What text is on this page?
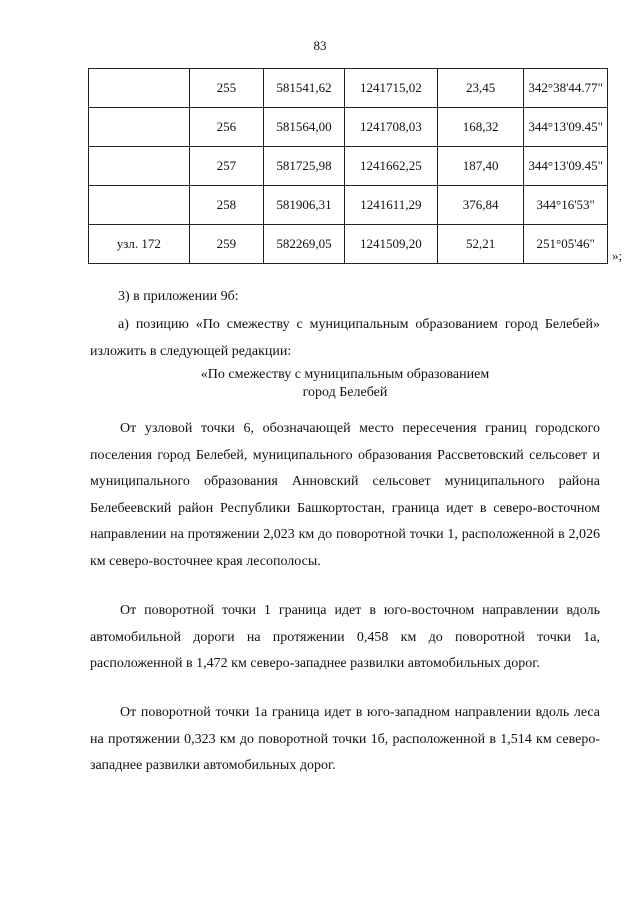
83
	255	581541,62	1241715,02	23,45	342°38'44.77"
	256	581564,00	1241708,03	168,32	344°13'09.45"
	257	581725,98	1241662,25	187,40	344°13'09.45"
	258	581906,31	1241611,29	376,84	344°16'53"
узл. 172	259	582269,05	1241509,20	52,21	251°05'46"
»;
3) в приложении 9б:
а) позицию «По смежеству с муниципальным образованием город Белебей» изложить в следующей редакции:
«По смежеству с муниципальным образованием
город Белебей
От узловой точки 6, обозначающей место пересечения границ городского поселения город Белебей, муниципального образования Рассветовский сельсовет и муниципального образования Анновский сельсовет муниципального района Белебеевский район Республики Башкортостан, граница идет в северо-восточном направлении на протяжении 2,023 км до поворотной точки 1, расположенной в 2,026 км северо-восточнее края лесополосы.
От поворотной точки 1 граница идет в юго-восточном направлении вдоль автомобильной дороги на протяжении 0,458 км до поворотной точки 1а, расположенной в 1,472 км северо-западнее развилки автомобильных дорог.
От поворотной точки 1а граница идет в юго-западном направлении вдоль леса на протяжении 0,323 км до поворотной точки 1б, расположенной в 1,514 км северо-западнее развилки автомобильных дорог.
